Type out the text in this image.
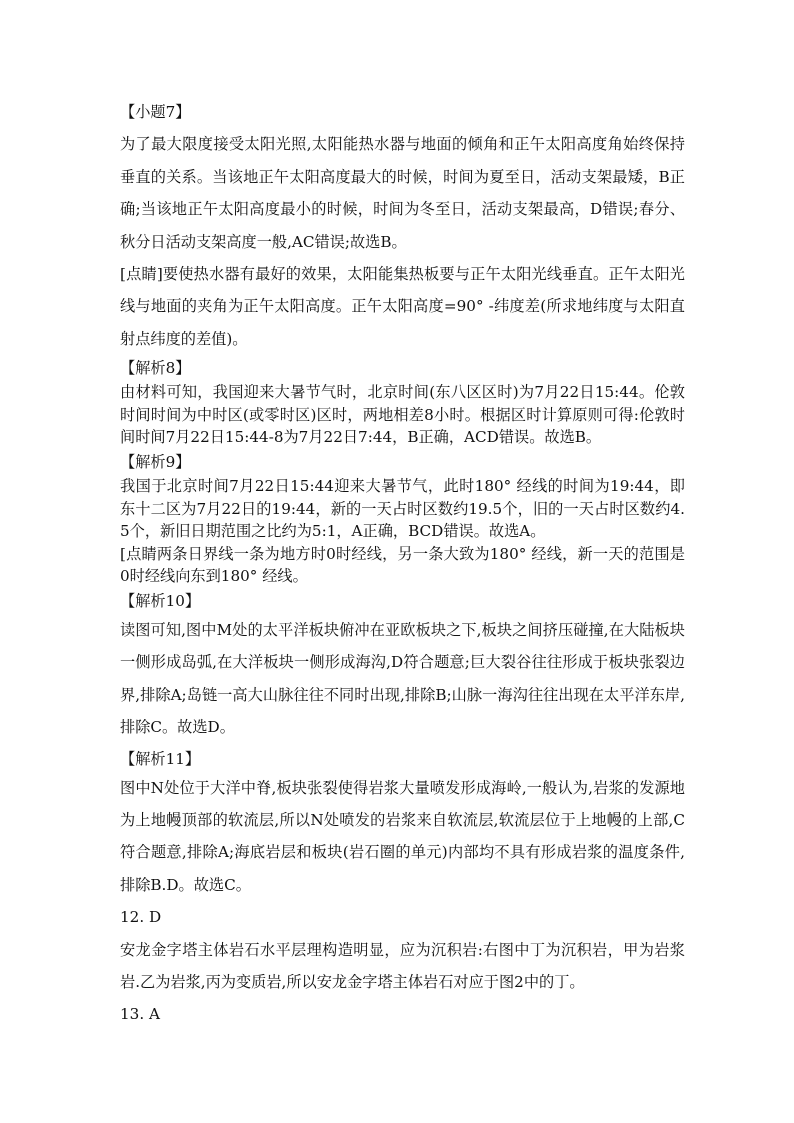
【小题7】

为了最大限度接受太阳光照,太阳能热水器与地面的倾角和正午太阳高度角始终保持垂直的关系。当该地正午太阳高度最大的时候，时间为夏至日，活动支架最矮，B正确;当该地正午太阳高度最小的时候，时间为冬至日，活动支架最高，D错误;春分、秋分日活动支架高度一般,AC错误;故选B。

[点睛]要使热水器有最好的效果，太阳能集热板要与正午太阳光线垂直。正午太阳光线与地面的夹角为正午太阳高度。正午太阳高度=90° -纬度差(所求地纬度与太阳直射点纬度的差值)。

【解析8】

由材料可知，我国迎来大暑节气时，北京时间(东八区区时)为7月22日15:44。伦敦时间时间为中时区(或零时区)区时，两地相差8小时。根据区时计算原则可得:伦敦时间时间7月22日15:44-8为7月22日7:44，B正确，ACD错误。故选B。

【解析9】

我国于北京时间7月22日15:44迎来大暑节气，此时180° 经线的时间为19:44，即东十二区为7月22日的19:44，新的一天占时区数约19.5个，旧的一天占时区数约4.5个，新旧日期范围之比约为5:1，A正确，BCD错误。故选A。

[点睛两条日界线一条为地方时0时经线，另一条大致为180° 经线，新一天的范围是0时经线向东到180° 经线。

【解析10】

读图可知,图中M处的太平洋板块俯冲在亚欧板块之下,板块之间挤压碰撞,在大陆板块一侧形成岛弧,在大洋板块一侧形成海沟,D符合题意;巨大裂谷往往形成于板块张裂边界,排除A;岛链一高大山脉往往不同时出现,排除B;山脉一海沟往往出现在太平洋东岸,排除C。故选D。

【解析11】

图中N处位于大洋中脊,板块张裂使得岩浆大量喷发形成海岭,一般认为,岩浆的发源地为上地幔顶部的软流层,所以N处喷发的岩浆来自软流层,软流层位于上地幔的上部,C符合题意,排除A;海底岩层和板块(岩石圈的单元)内部均不具有形成岩浆的温度条件,排除B.D。故选C。

12. D

安龙金字塔主体岩石水平层理构造明显，应为沉积岩:右图中丁为沉积岩，甲为岩浆岩.乙为岩浆,丙为变质岩,所以安龙金字塔主体岩石对应于图2中的丁。

13. A
